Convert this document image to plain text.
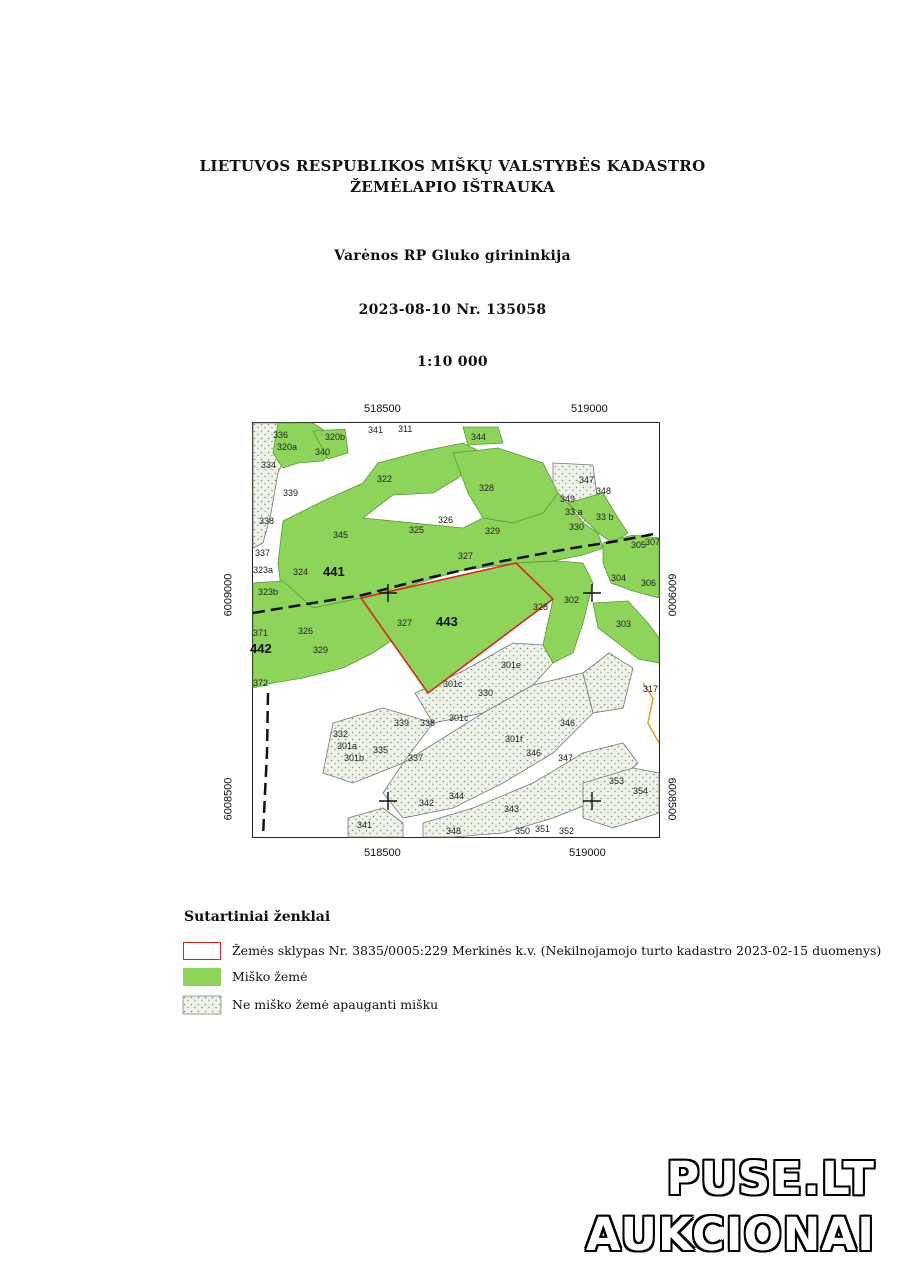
LIETUVOS RESPUBLIKOS MIŠKŲ VALSTYBĖS KADASTRO
ŽEMĖLAPIO IŠTRAUKA
Varėnos RP Gluko girininkija
2023-08-10 Nr. 135058
1:10 000
518500	519000
518500	519000
6009000
6008500
6009000
6008500
441
442
443
336
320a
320b
341 311
344
340
334
322
328
339
347
348
349
33 a 33 b
338
330
345	325
326
329
327
337
323a 324
323b
305
307
304 306
327
328
302
303
371	326
329
372
301e
301c
330	317
332
339 338 301c	346
301a 335
301b	337
301f
346 347
353
354
342
344
343
341
348	350 351 352
Sutartiniai ženklai
Žemės sklypas Nr. 3835/0005:229 Merkinės k.v. (Nekilnojamojo turto kadastro 2023-02-15 duomenys)
Miško žemė
Ne miško žemė apauganti mišku
PUSE.LT
AUKCIONAI
